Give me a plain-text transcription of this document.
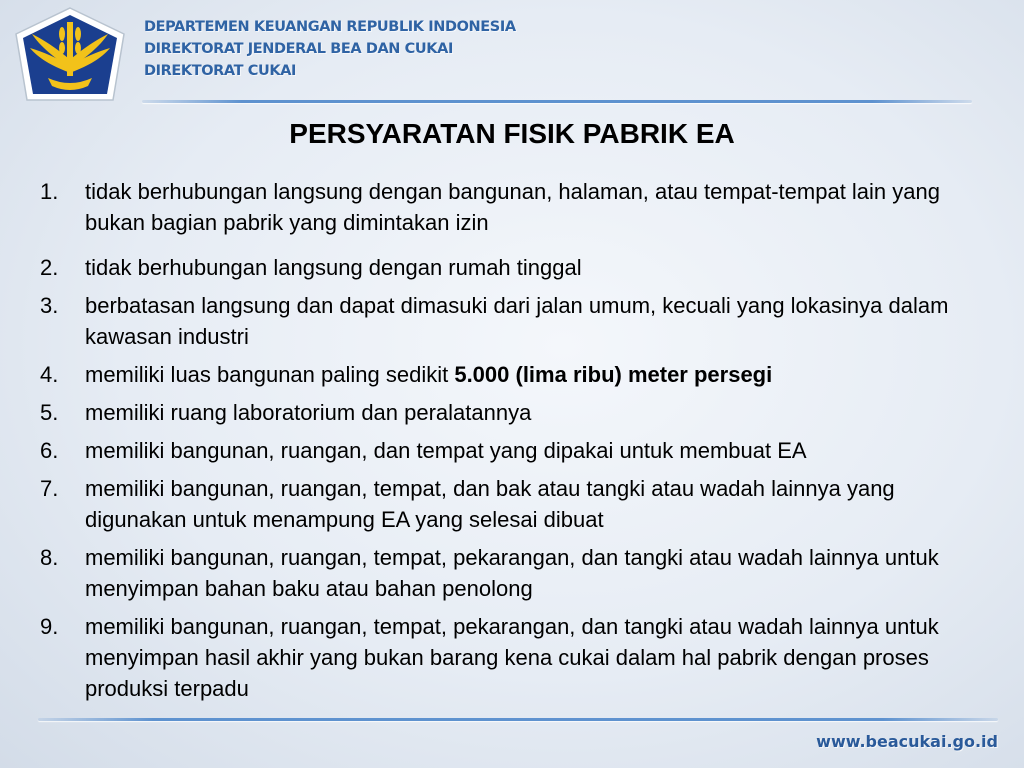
DEPARTEMEN KEUANGAN REPUBLIK INDONESIA
DIREKTORAT JENDERAL BEA DAN CUKAI
DIREKTORAT CUKAI
PERSYARATAN FISIK PABRIK EA
1.	tidak berhubungan langsung dengan bangunan, halaman, atau tempat-tempat lain yang bukan bagian pabrik yang dimintakan izin
2.	tidak berhubungan langsung dengan rumah tinggal
3.	berbatasan langsung dan dapat dimasuki dari jalan umum, kecuali yang lokasinya dalam kawasan industri
4.	memiliki luas bangunan paling sedikit 5.000 (lima ribu) meter persegi
5.	memiliki ruang laboratorium dan peralatannya
6.	memiliki bangunan, ruangan, dan tempat yang dipakai untuk membuat EA
7.	memiliki bangunan, ruangan, tempat, dan bak atau tangki atau wadah lainnya yang digunakan untuk menampung EA yang selesai dibuat
8.	memiliki bangunan, ruangan, tempat, pekarangan, dan tangki atau wadah lainnya untuk menyimpan bahan baku atau bahan penolong
9.	memiliki bangunan, ruangan, tempat, pekarangan, dan tangki atau wadah lainnya untuk menyimpan hasil akhir yang bukan barang kena cukai dalam hal pabrik dengan proses produksi terpadu
www.beacukai.go.id
